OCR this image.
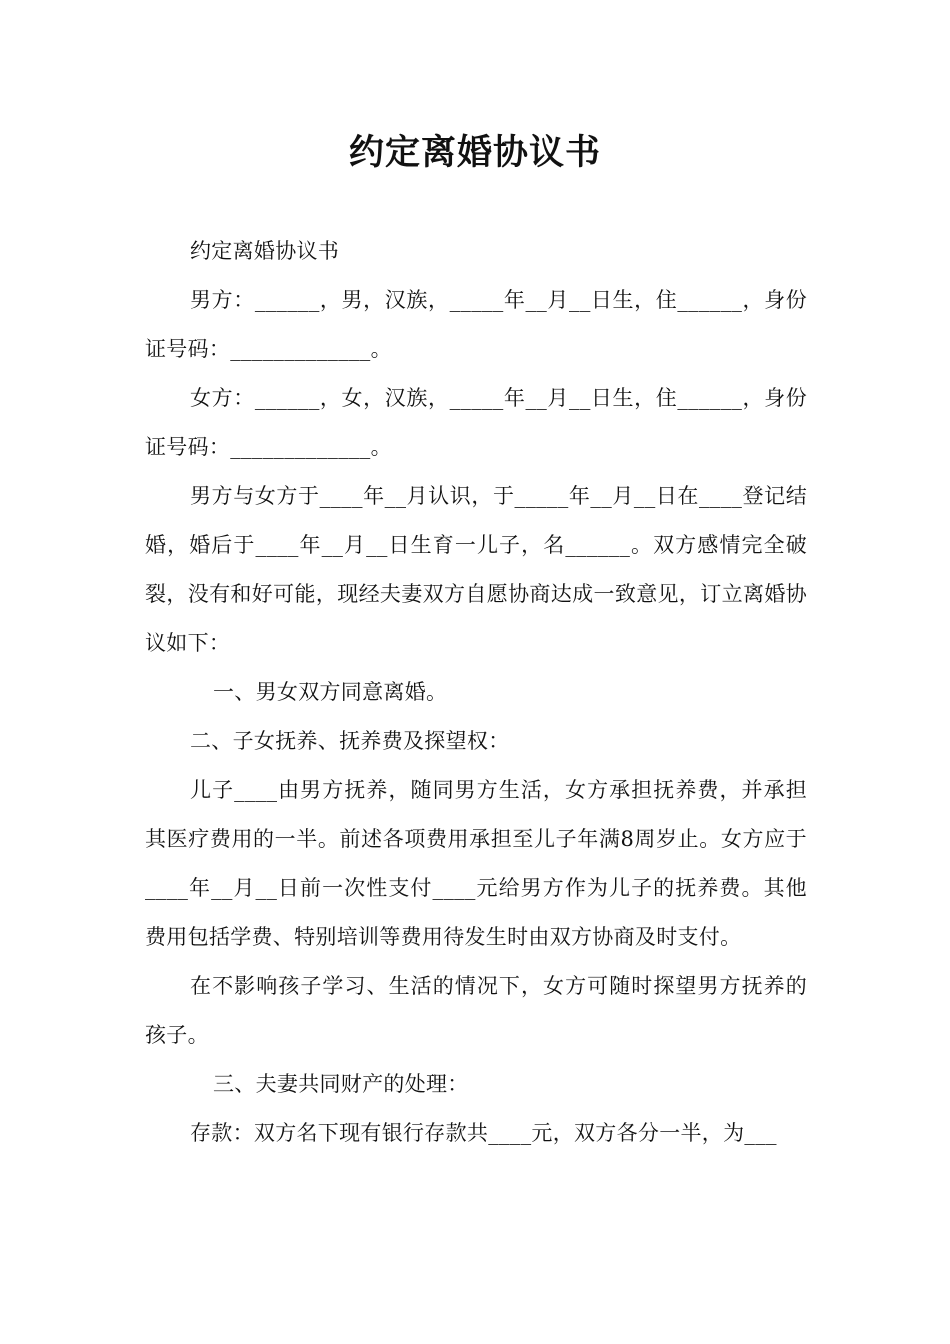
约定离婚协议书

约定离婚协议书

男方：______，男，汉族，_____年__月__日生，住______，身份证号码：_____________。

女方：______，女，汉族，_____年__月__日生，住______，身份证号码：_____________。

男方与女方于____年__月认识，于_____年__月__日在____登记结婚，婚后于____年__月__日生育一儿子，名______。双方感情完全破裂，没有和好可能，现经夫妻双方自愿协商达成一致意见，订立离婚协议如下：

一、男女双方同意离婚。

二、子女抚养、抚养费及探望权：

儿子____由男方抚养，随同男方生活，女方承担抚养费，并承担其医疗费用的一半。前述各项费用承担至儿子年满8周岁止。女方应于____年__月__日前一次性支付____元给男方作为儿子的抚养费。其他费用包括学费、特别培训等费用待发生时由双方协商及时支付。

在不影响孩子学习、生活的情况下，女方可随时探望男方抚养的孩子。

三、夫妻共同财产的处理：

存款：双方名下现有银行存款共____元，双方各分一半，为___
